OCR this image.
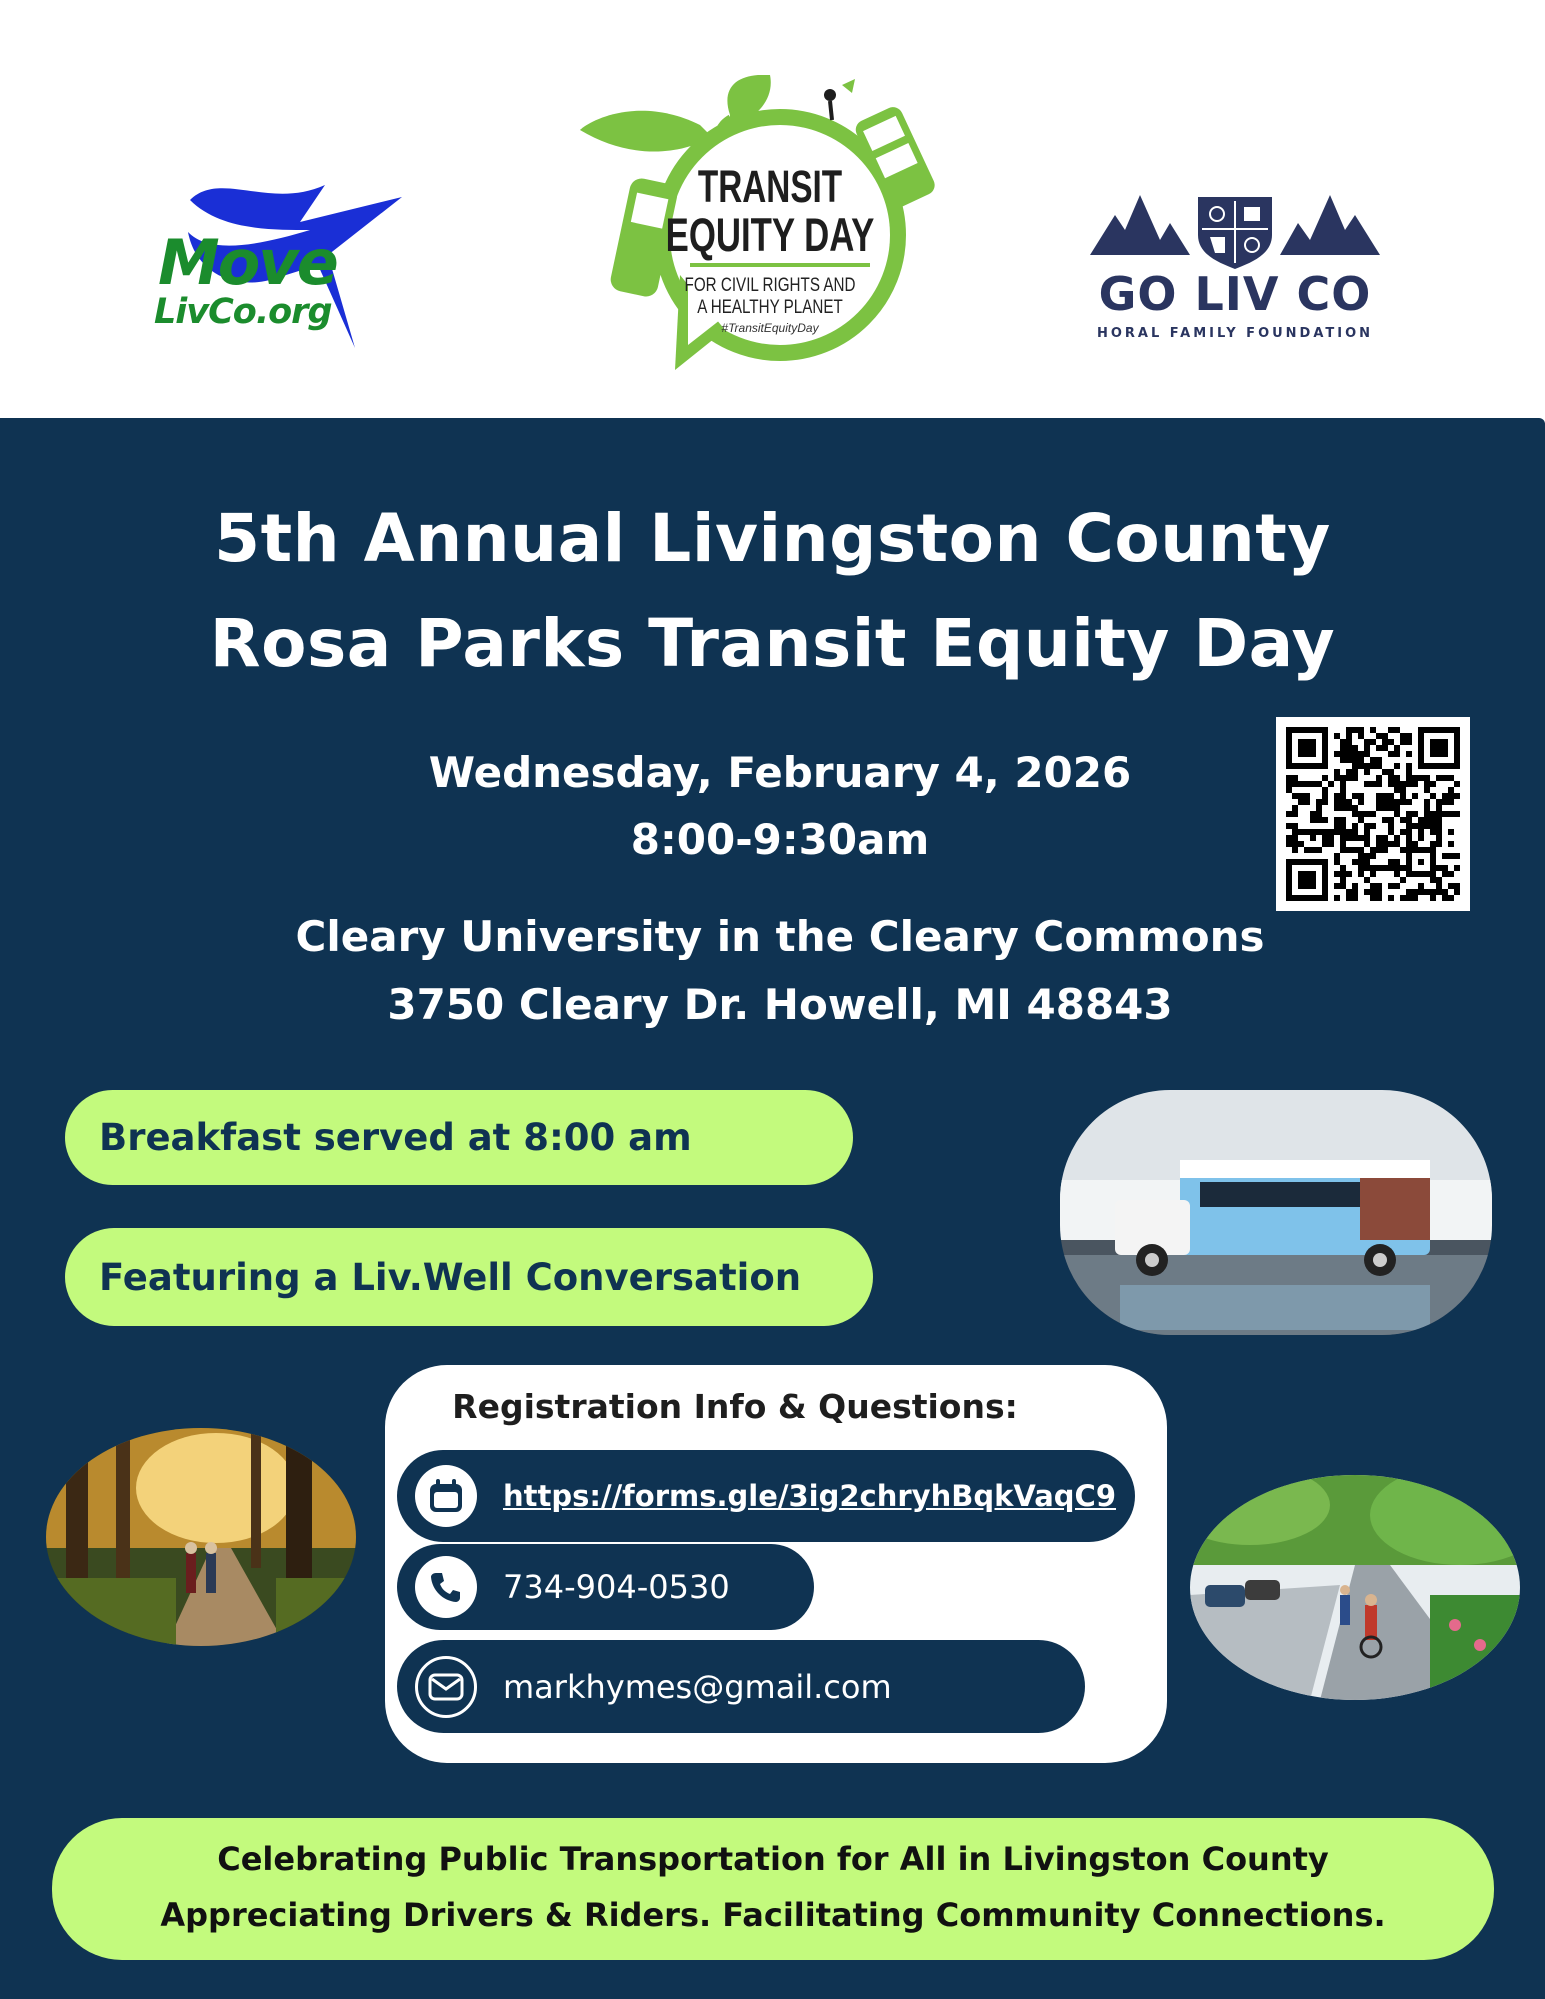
Move
LivCo.org
TRANSIT
EQUITY DAY
FOR CIVIL RIGHTS AND
A HEALTHY PLANET
#TransitEquityDay
GO LIV CO
HORAL FAMILY FOUNDATION
5th Annual Livingston County
Rosa Parks Transit Equity Day
Wednesday, February 4, 2026
8:00-9:30am
Cleary University in the Cleary Commons
3750 Cleary Dr. Howell, MI 48843
Breakfast served at 8:00 am
Featuring a Liv.Well Conversation
Registration Info & Questions:
https://forms.gle/3ig2chryhBqkVaqC9
734-904-0530
markhymes@gmail.com
Celebrating Public Transportation for All in Livingston County
Appreciating Drivers & Riders. Facilitating Community Connections.
